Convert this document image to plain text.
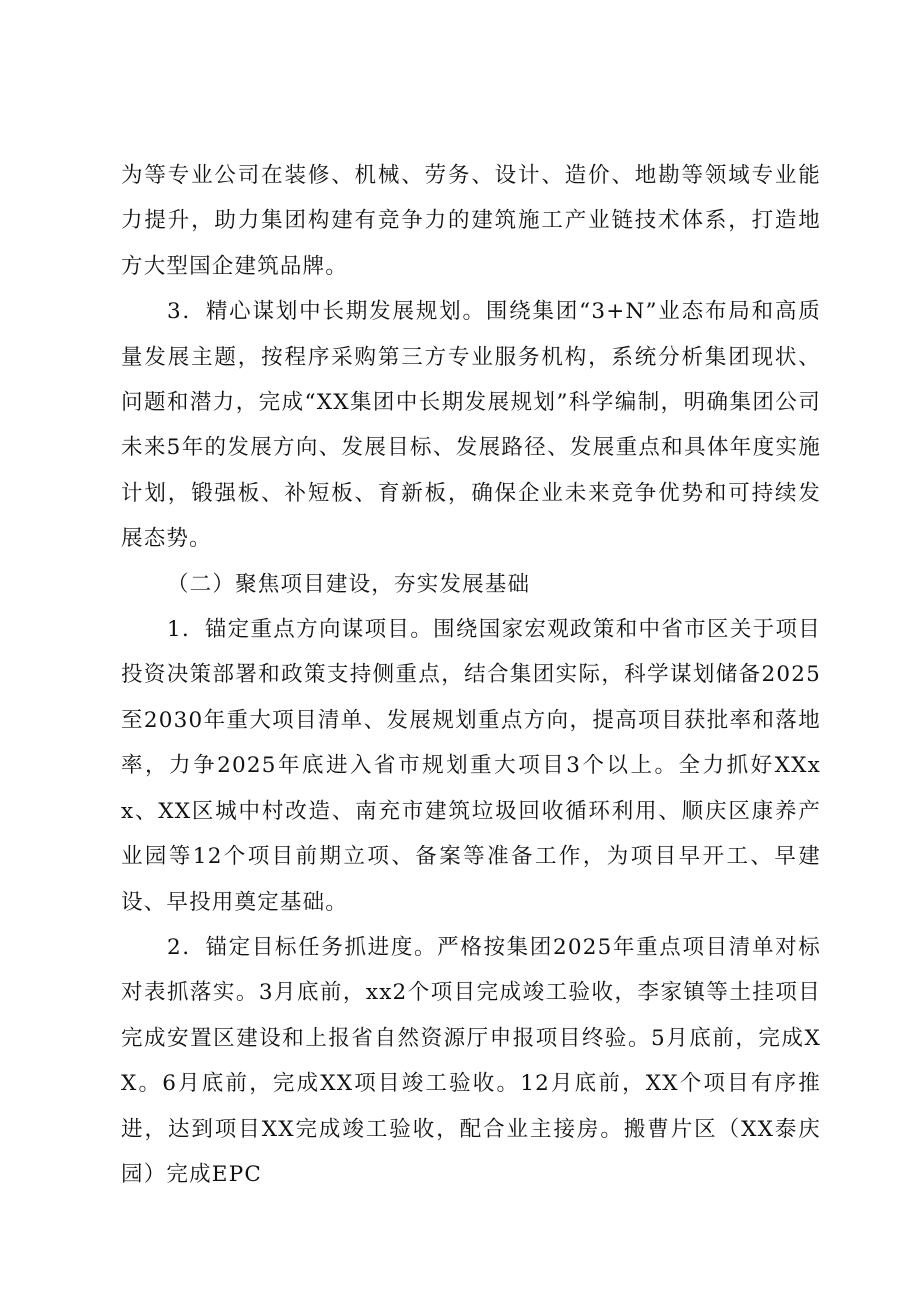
为等专业公司在装修、机械、劳务、设计、造价、地勘等领域专业能力提升，助力集团构建有竞争力的建筑施工产业链技术体系，打造地方大型国企建筑品牌。

3．精心谋划中长期发展规划。围绕集团“3+N”业态布局和高质量发展主题，按程序采购第三方专业服务机构，系统分析集团现状、问题和潜力，完成“XX集团中长期发展规划”科学编制，明确集团公司未来5年的发展方向、发展目标、发展路径、发展重点和具体年度实施计划，锻强板、补短板、育新板，确保企业未来竞争优势和可持续发展态势。

（二）聚焦项目建设，夯实发展基础

1．锚定重点方向谋项目。围绕国家宏观政策和中省市区关于项目投资决策部署和政策支持侧重点，结合集团实际，科学谋划储备2025至2030年重大项目清单、发展规划重点方向，提高项目获批率和落地率，力争2025年底进入省市规划重大项目3个以上。全力抓好XXxx、XX区城中村改造、南充市建筑垃圾回收循环利用、顺庆区康养产业园等12个项目前期立项、备案等准备工作，为项目早开工、早建设、早投用奠定基础。

2．锚定目标任务抓进度。严格按集团2025年重点项目清单对标对表抓落实。3月底前，xx2个项目完成竣工验收，李家镇等土挂项目完成安置区建设和上报省自然资源厅申报项目终验。5月底前，完成XX。6月底前，完成XX项目竣工验收。12月底前，XX个项目有序推进，达到项目XX完成竣工验收，配合业主接房。搬曹片区（XX泰庆园）完成EPC
